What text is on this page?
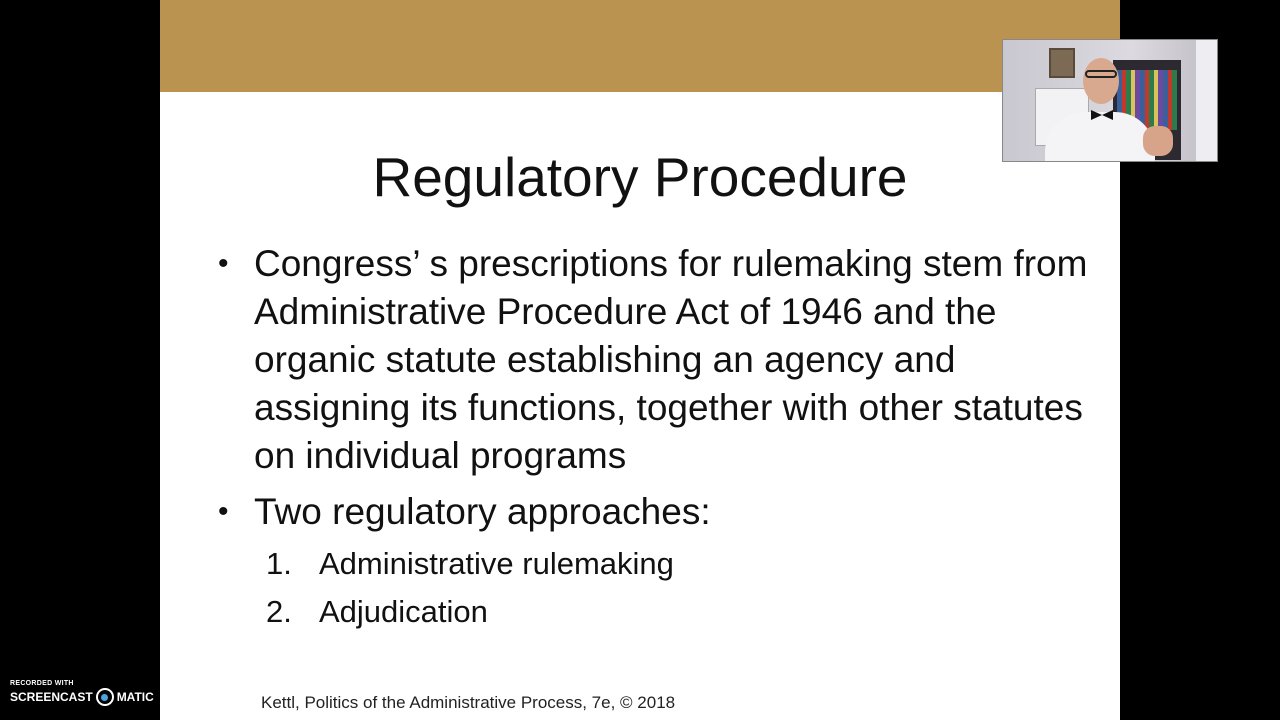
Regulatory Procedure
• Congress’ s prescriptions for rulemaking stem from Administrative Procedure Act of 1946 and the organic statute establishing an agency and assigning its functions, together with other statutes on individual programs
• Two regulatory approaches:
1. Administrative rulemaking
2. Adjudication
Kettl, Politics of the Administrative Process, 7e, © 2018
RECORDED WITH
SCREENCAST MATIC
